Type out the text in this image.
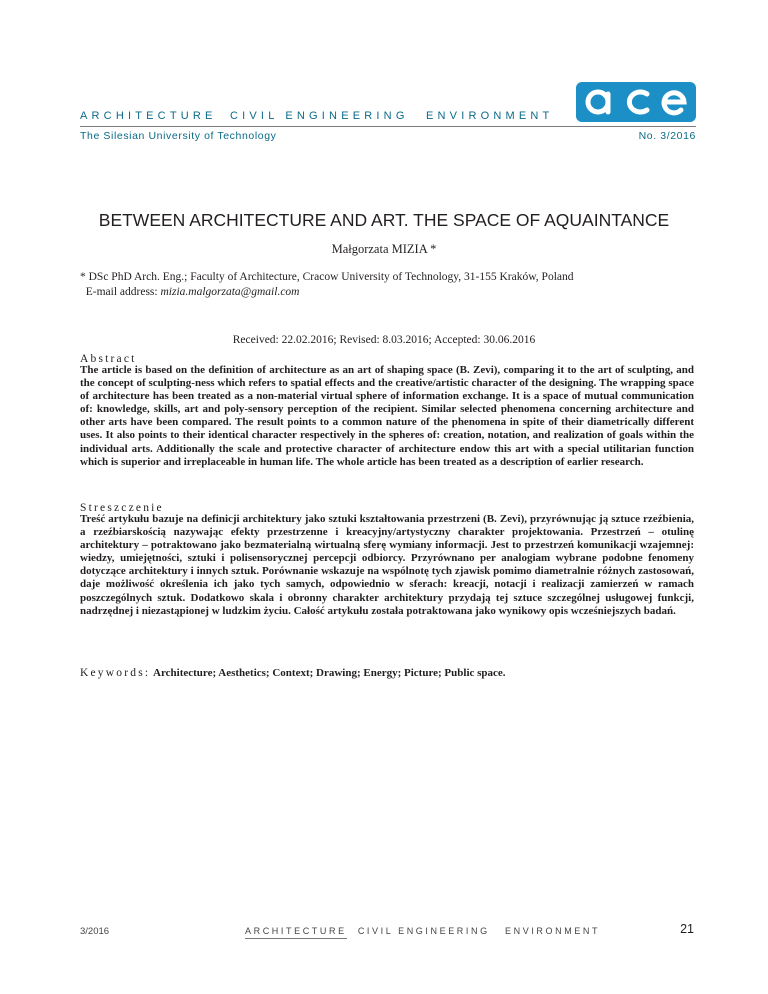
ARCHITECTURE CIVIL ENGINEERING ENVIRONMENT
The Silesian University of Technology	No. 3/2016
BETWEEN ARCHITECTURE AND ART. THE SPACE OF AQUAINTANCE
Małgorzata MIZIA *
* DSc PhD Arch. Eng.; Faculty of Architecture, Cracow University of Technology, 31-155 Kraków, Poland
E-mail address: mizia.malgorzata@gmail.com
Received: 22.02.2016; Revised: 8.03.2016; Accepted: 30.06.2016
Abstract
The article is based on the definition of architecture as an art of shaping space (B. Zevi), comparing it to the art of sculpting, and the concept of sculpting-ness which refers to spatial effects and the creative/artistic character of the designing. The wrapping space of architecture has been treated as a non-material virtual sphere of information exchange. It is a space of mutual communication of: knowledge, skills, art and poly-sensory perception of the recipient. Similar selected phenomena concerning architecture and other arts have been compared. The result points to a common nature of the phenomena in spite of their diametrically different uses. It also points to their identical character respectively in the spheres of: creation, notation, and realization of goals within the individual arts. Additionally the scale and protective character of architecture endow this art with a special utilitarian function which is superior and irreplaceable in human life. The whole article has been treated as a description of earlier research.
Streszczenie
Treść artykułu bazuje na definicji architektury jako sztuki kształtowania przestrzeni (B. Zevi), przyrównując ją sztuce rzeźbienia, a rzeźbiarskością nazywając efekty przestrzenne i kreacyjny/artystyczny charakter projektowania. Przestrzeń – otulinę architektury – potraktowano jako bezmaterialną wirtualną sferę wymiany informacji. Jest to przestrzeń komunikacji wzajemnej: wiedzy, umiejętności, sztuki i polisensorycznej percepcji odbiorcy. Przyrównano per analogiam wybrane podobne fenomeny dotyczące architektury i innych sztuk. Porównanie wskazuje na wspólnotę tych zjawisk pomimo diametralnie różnych zastosowań, daje możliwość określenia ich jako tych samych, odpowiednio w sferach: kreacji, notacji i realizacji zamierzeń w ramach poszczególnych sztuk. Dodatkowo skala i obronny charakter architektury przydają tej sztuce szczególnej usługowej funkcji, nadrzędnej i niezastąpionej w ludzkim życiu. Całość artykułu została potraktowana jako wynikowy opis wcześniejszych badań.
Keywords: Architecture; Aesthetics; Context; Drawing; Energy; Picture; Public space.
3/2016	ARCHITECTURE CIVIL ENGINEERING ENVIRONMENT	21
